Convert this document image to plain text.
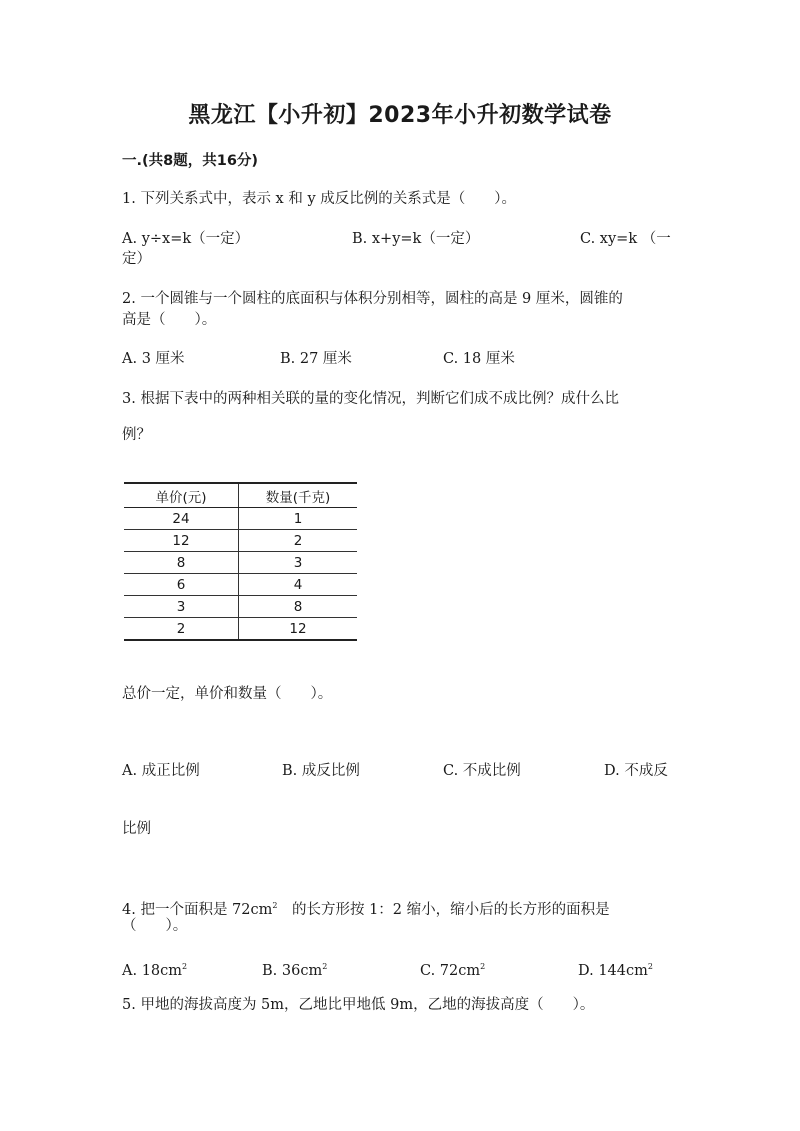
黑龙江【小升初】2023年小升初数学试卷
一.(共8题，共16分)
1. 下列关系式中，表示 x 和 y 成反比例的关系式是（　　）。
A. y÷x=k（一定）	B. x+y=k（一定）	C. xy=k （一
定）
2. 一个圆锥与一个圆柱的底面积与体积分别相等，圆柱的高是 9 厘米，圆锥的
高是（　　）。
A. 3 厘米	B. 27 厘米	C. 18 厘米
3. 根据下表中的两种相关联的量的变化情况，判断它们成不成比例？成什么比
例？
单价(元)	数量(千克)
24	1
12	2
8	3
6	4
3	8
2	12
总价一定，单价和数量（　　）。
A. 成正比例	B. 成反比例	C. 不成比例	D. 不成反
比例
4. 把一个面积是 $72cm^2$　的长方形按 1：2 缩小，缩小后的长方形的面积是
（　　）。
A. $18cm^2$	B. $36cm^2$	C. $72cm^2$	D. $144cm^2$
5. 甲地的海拔高度为 5m，乙地比甲地低 9m，乙地的海拔高度（　　）。
